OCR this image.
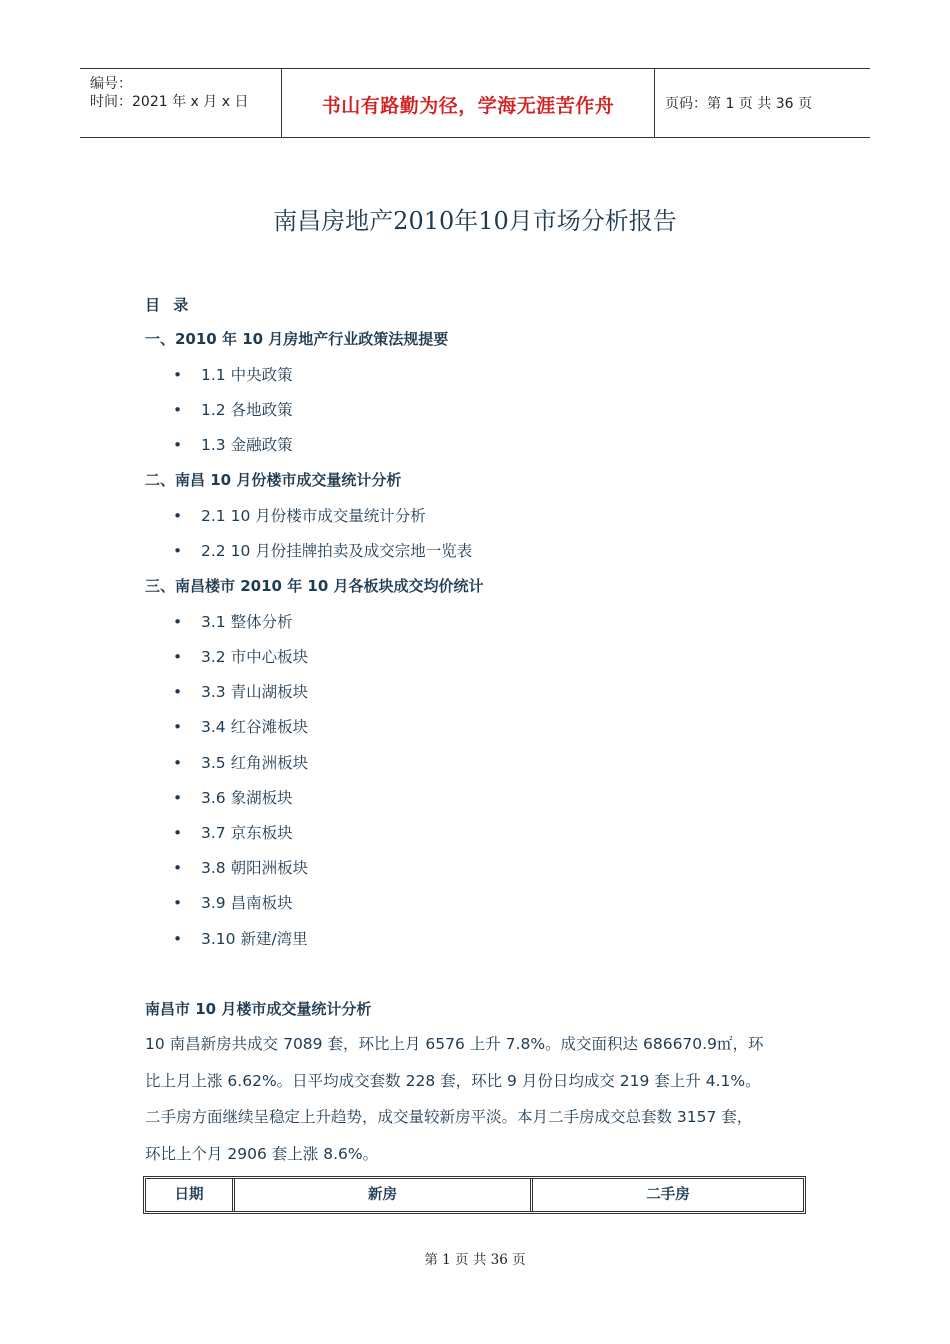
编号：
时间：2021 年 x 月 x 日	书山有路勤为径，学海无涯苦作舟	页码：第 1 页 共 36 页
南昌房地产2010年10月市场分析报告
目 录
一、2010 年 10 月房地产行业政策法规提要
• 1.1 中央政策
• 1.2 各地政策
• 1.3 金融政策
二、南昌 10 月份楼市成交量统计分析
• 2.1 10 月份楼市成交量统计分析
• 2.2 10 月份挂牌拍卖及成交宗地一览表
三、南昌楼市 2010 年 10 月各板块成交均价统计
• 3.1 整体分析
• 3.2 市中心板块
• 3.3 青山湖板块
• 3.4 红谷滩板块
• 3.5 红角洲板块
• 3.6 象湖板块
• 3.7 京东板块
• 3.8 朝阳洲板块
• 3.9 昌南板块
• 3.10 新建/湾里
南昌市 10 月楼市成交量统计分析
10 南昌新房共成交 7089 套，环比上月 6576 上升 7.8%。成交面积达 686670.9㎡，环
比上月上涨 6.62%。日平均成交套数 228 套，环比 9 月份日均成交 219 套上升 4.1%。
二手房方面继续呈稳定上升趋势，成交量较新房平淡。本月二手房成交总套数 3157 套，
环比上个月 2906 套上涨 8.6%。
日期	新房	二手房
第 1 页 共 36 页
